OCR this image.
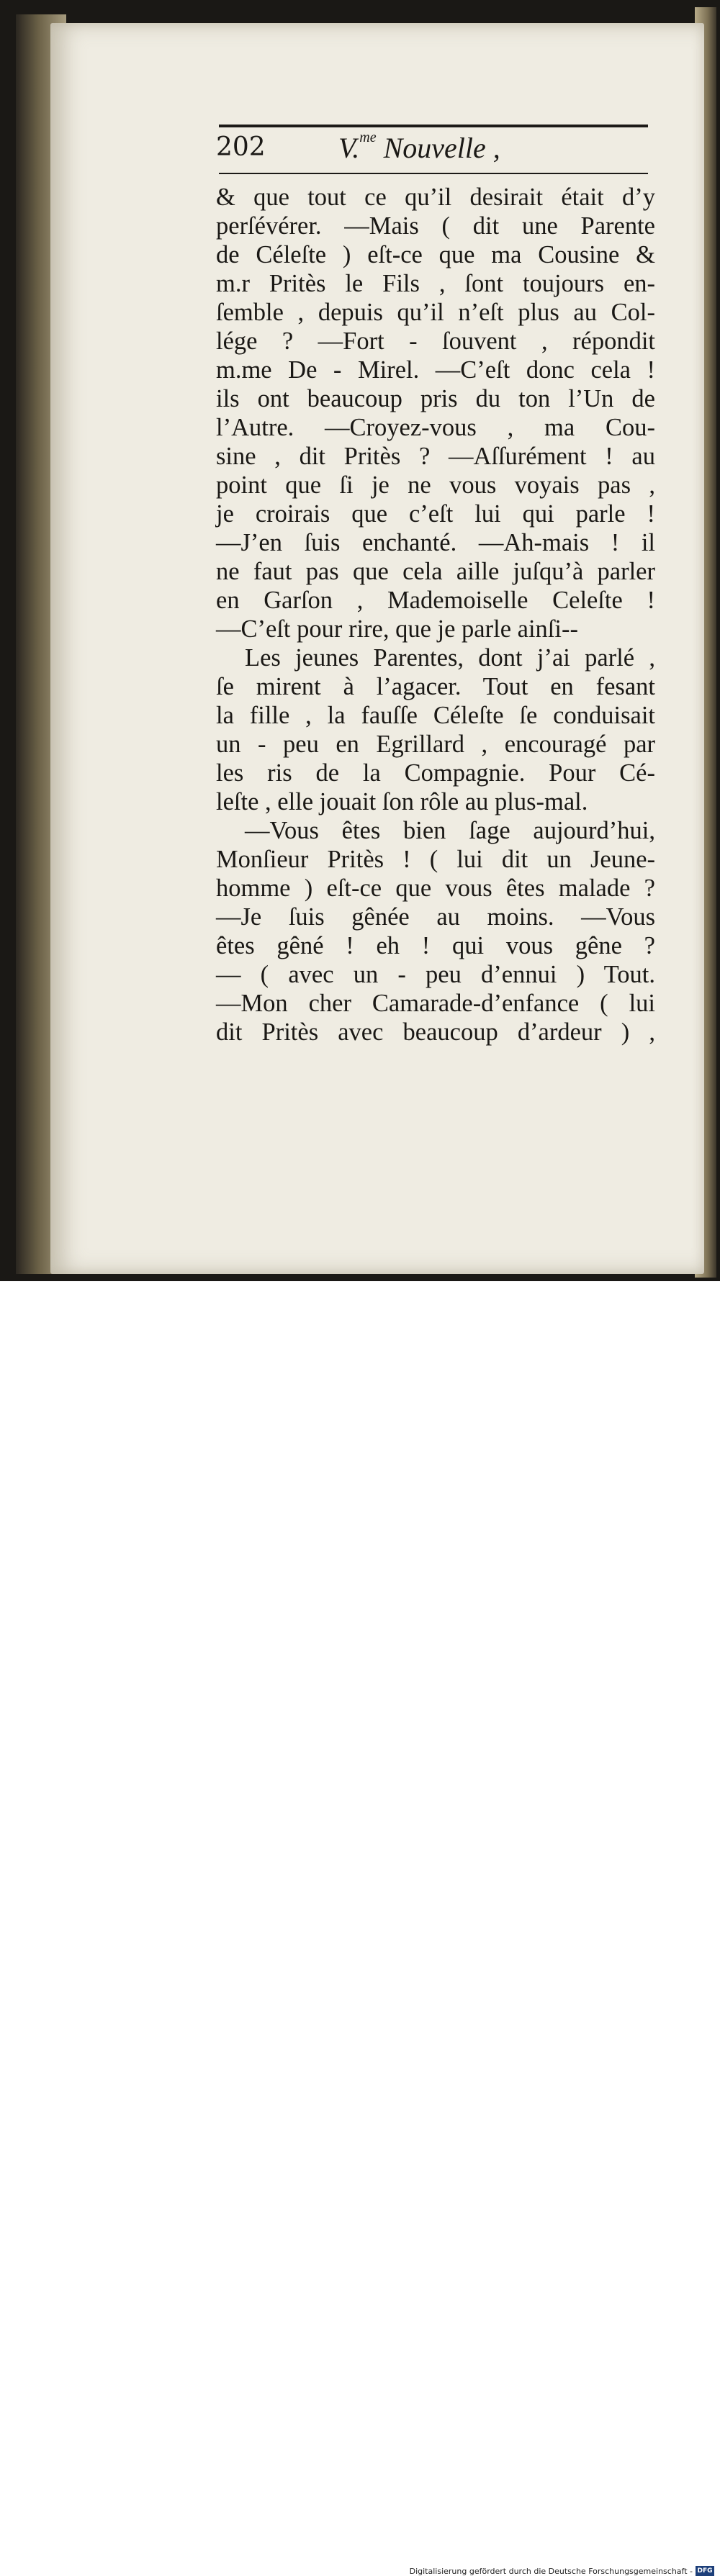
202	V.$^{me}$ Nouvelle ,
& que tout ce qu’il desirait était d’y
perſévérer. —Mais ( dit une Parente
de Céleſte ) eſt-ce que ma Cousine &
m.r Pritès le Fils , ſont toujours en-
ſemble , depuis qu’il n’eſt plus au Col-
lége ? —Fort - ſouvent , répondit
m.me De - Mirel. —C’eſt donc cela !
ils ont beaucoup pris du ton l’Un de
l’Autre. —Croyez-vous , ma Cou-
sine , dit Pritès ? —Aſſurément ! au
point que ſi je ne vous voyais pas ,
je croirais que c’eſt lui qui parle !
—J’en ſuis enchanté. —Ah-mais ! il
ne faut pas que cela aille juſqu’à parler
en Garſon , Mademoiselle Celeſte !
—C’eſt pour rire, que je parle ainſi--
Les jeunes Parentes, dont j’ai parlé ,
ſe mirent à l’agacer. Tout en fesant
la fille , la fauſſe Céleſte ſe conduisait
un - peu en Egrillard , encouragé par
les ris de la Compagnie. Pour Cé-
leſte , elle jouait ſon rôle au plus-mal.
—Vous êtes bien ſage aujourd’hui,
Monſieur Pritès ! ( lui dit un Jeune-
homme ) eſt-ce que vous êtes malade ?
—Je ſuis gênée au moins. —Vous
êtes gêné ! eh ! qui vous gêne ?
— ( avec un - peu d’ennui ) Tout.
—Mon cher Camarade-d’enfance ( lui
dit Pritès avec beaucoup d’ardeur ) ,
Digitalisierung gefördert durch die Deutsche Forschungsgemeinschaft - DFG
